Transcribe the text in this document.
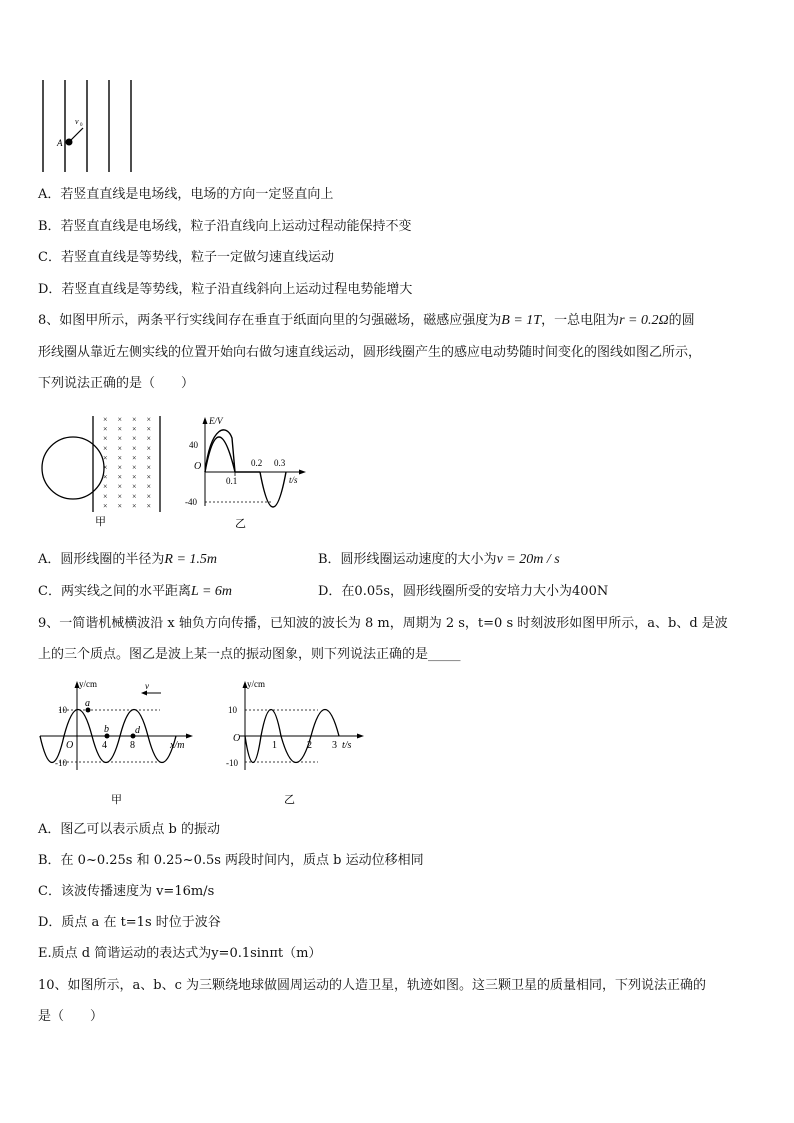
A
v 0
A．若竖直直线是电场线，电场的方向一定竖直向上
B．若竖直直线是电场线，粒子沿直线向上运动过程动能保持不变
C．若竖直直线是等势线，粒子一定做匀速直线运动
D．若竖直直线是等势线，粒子沿直线斜向上运动过程电势能增大
8、如图甲所示，两条平行实线间存在垂直于纸面向里的匀强磁场，磁感应强度为B = 1T，一总电阻为r = 0.2Ω的圆
形线圈从靠近左侧实线的位置开始向右做匀速直线运动，圆形线圈产生的感应电动势随时间变化的图线如图乙所示，
下列说法正确的是（　　）
× × × ×
× × × ×
× × × ×
× × × ×
× × × ×
× × × ×
× × × ×
× × × ×
× × × ×
× × × ×
甲
E/V
40
-40
O
0.1
0.2 0.3
t/s
乙
A．圆形线圈的半径为R = 1.5m	B．圆形线圈运动速度的大小为v = 20m / s
C．两实线之间的水平距离L = 6m	D．在0.05s，圆形线圈所受的安培力大小为400N
9、一简谐机械横波沿 x 轴负方向传播，已知波的波长为 8 m，周期为 2 s，t=0 s 时刻波形如图甲所示，a、b、d 是波
上的三个质点。图乙是波上某一点的振动图象，则下列说法正确的是_____
y/cm	v
10
-10
O
a
b	d
4 8	x/m
甲
y/cm
10
-10
O
1	2 3 t/s
乙
A．图乙可以表示质点 b 的振动
B．在 0~0.25s 和 0.25~0.5s 两段时间内，质点 b 运动位移相同
C．该波传播速度为 v=16m/s
D．质点 a 在 t=1s 时位于波谷
E.质点 d 简谐运动的表达式为y=0.1sinπt（m）
10、如图所示，a、b、c 为三颗绕地球做圆周运动的人造卫星，轨迹如图。这三颗卫星的质量相同，下列说法正确的
是（　　）
